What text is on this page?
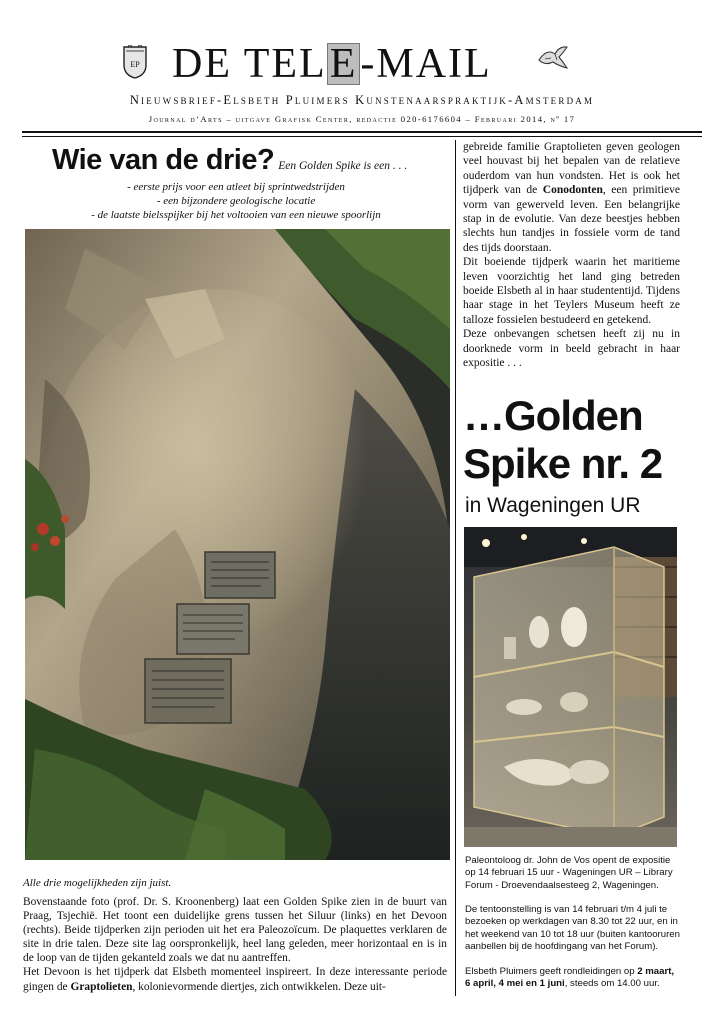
EP DE TELE-MAIL
Nieuwsbrief-Elsbeth Pluimers Kunstenaarspraktijk-Amsterdam
Journal d’Arts – uitgave Grafisk Center, redactie 020-6176604 – Februari 2014, nº 17
Wie van de drie? Een Golden Spike is een . . .
- eerste prijs voor een atleet bij sprintwedstrijden
- een bijzondere geologische locatie
- de laatste bielsspijker bij het voltooien van een nieuwe spoorlijn
Alle drie mogelijkheden zijn juist.

Bovenstaande foto (prof. Dr. S. Kroonenberg) laat een Golden Spike zien in de buurt van Praag, Tsjechië. Het toont een duidelijke grens tussen het Siluur (links) en het Devoon (rechts). Beide tijdperken zijn perioden uit het era Paleozoïcum. De plaquettes verklaren de site in drie talen. Deze site lag oorspronkelijk, heel lang geleden, meer horizontaal en is in de loop van de tijden gekanteld zoals we dat nu aantreffen.

Het Devoon is het tijdperk dat Elsbeth momenteel inspireert. In deze interessante periode gingen de Graptolieten, kolonievormende diertjes, zich ontwikkelen. Deze uit-

gebreide familie Graptolieten geven geologen veel houvast bij het bepalen van de relatieve ouderdom van hun vondsten. Het is ook het tijdperk van de Conodonten, een primitieve vorm van gewerveld leven. Een belangrijke stap in de evolutie. Van deze beestjes hebben slechts hun tandjes in fossiele vorm de tand des tijds doorstaan.

Dit boeiende tijdperk waarin het maritieme leven voorzichtig het land ging betreden boeide Elsbeth al in haar studententijd. Tijdens haar stage in het Teylers Museum heeft ze talloze fossielen bestudeerd en getekend.

Deze onbevangen schetsen heeft zij nu in doorknede vorm in beeld gebracht in haar expositie . . .

…Golden
Spike nr. 2
in Wageningen UR

Paleontoloog dr. John de Vos opent de expositie op 14 februari 15 uur - Wageningen UR – Library Forum - Droevendaalsesteeg 2, Wageningen.

De tentoonstelling is van 14 februari t/m 4 juli te bezoeken op werkdagen van 8.30 tot 22 uur, en in het weekend van 10 tot 18 uur (buiten kantooruren aanbellen bij de hoofdingang van het Forum).

Elsbeth Pluimers geeft rondleidingen op 2 maart, 6 april, 4 mei en 1 juni, steeds om 14.00 uur.
